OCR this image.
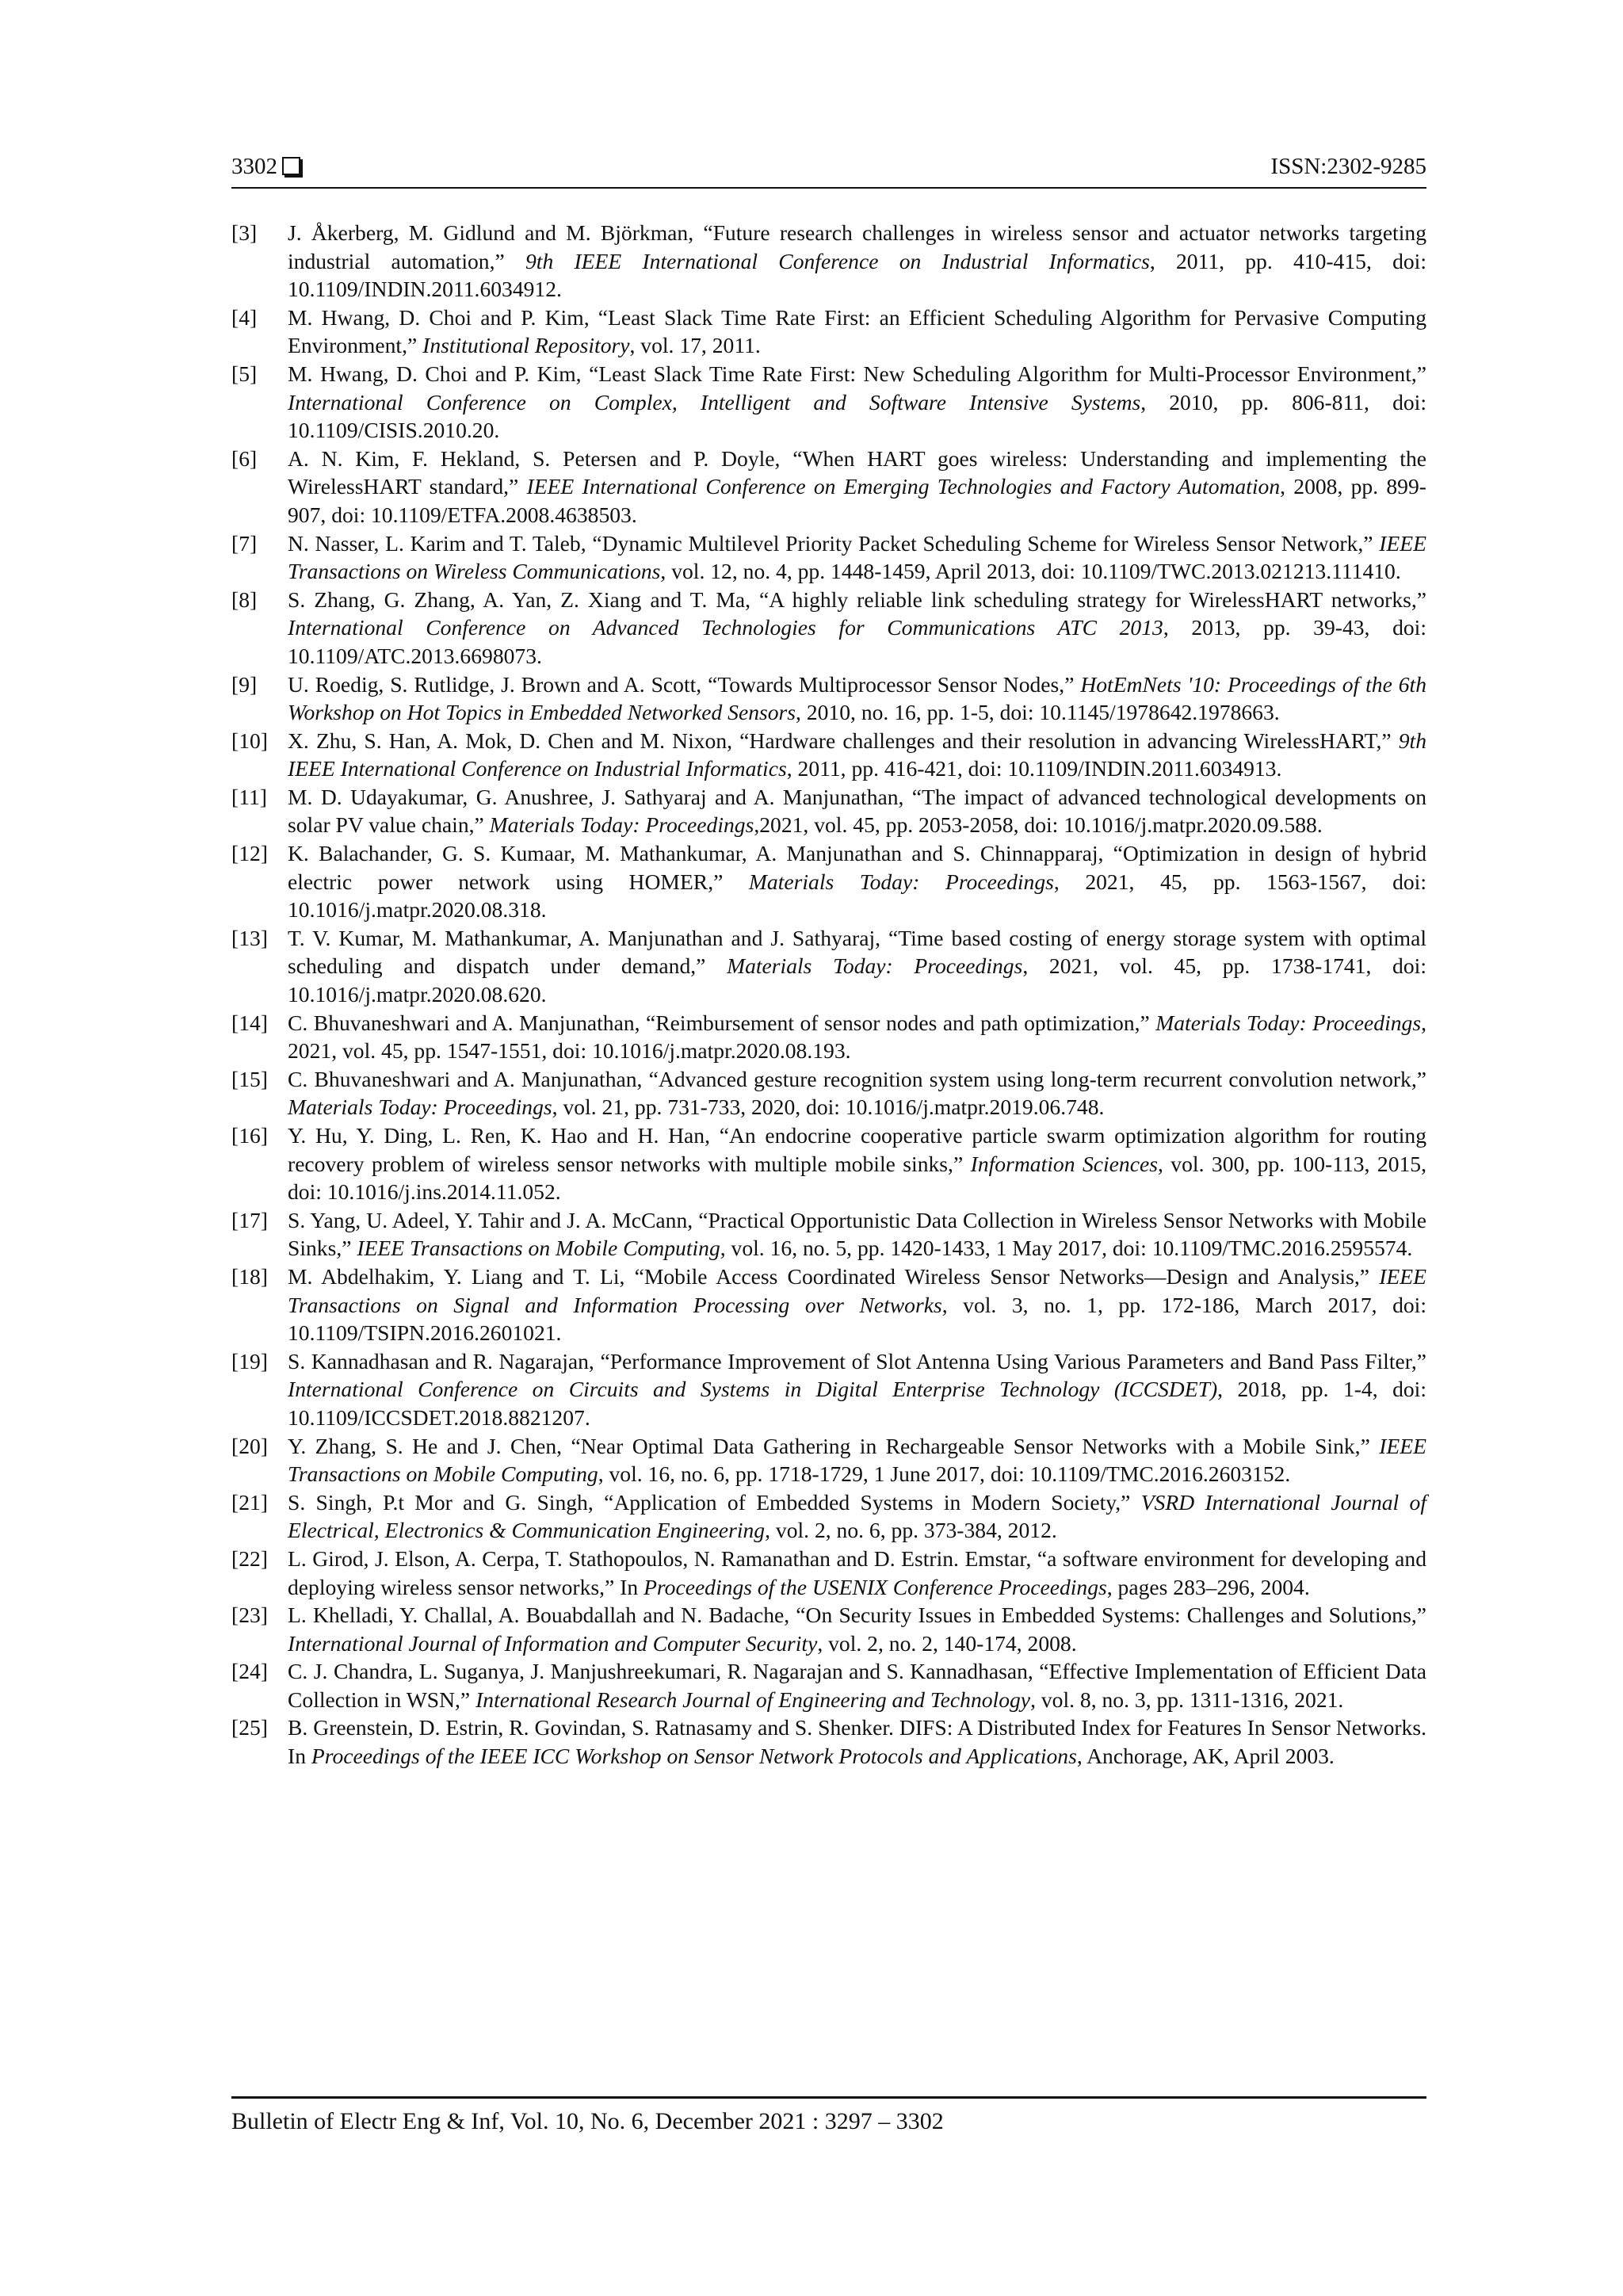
3302	ISSN:2302-9285
[3] J. Åkerberg, M. Gidlund and M. Björkman, “Future research challenges in wireless sensor and actuator networks targeting industrial automation,” 9th IEEE International Conference on Industrial Informatics, 2011, pp. 410-415, doi: 10.1109/INDIN.2011.6034912.
[4] M. Hwang, D. Choi and P. Kim, “Least Slack Time Rate First: an Efficient Scheduling Algorithm for Pervasive Computing Environment,” Institutional Repository, vol. 17, 2011.
[5] M. Hwang, D. Choi and P. Kim, “Least Slack Time Rate First: New Scheduling Algorithm for Multi-Processor Environment,” International Conference on Complex, Intelligent and Software Intensive Systems, 2010, pp. 806-811, doi: 10.1109/CISIS.2010.20.
[6] A. N. Kim, F. Hekland, S. Petersen and P. Doyle, “When HART goes wireless: Understanding and implementing the WirelessHART standard,” IEEE International Conference on Emerging Technologies and Factory Automation, 2008, pp. 899-907, doi: 10.1109/ETFA.2008.4638503.
[7] N. Nasser, L. Karim and T. Taleb, “Dynamic Multilevel Priority Packet Scheduling Scheme for Wireless Sensor Network,” IEEE Transactions on Wireless Communications, vol. 12, no. 4, pp. 1448-1459, April 2013, doi: 10.1109/TWC.2013.021213.111410.
[8] S. Zhang, G. Zhang, A. Yan, Z. Xiang and T. Ma, “A highly reliable link scheduling strategy for WirelessHART networks,” International Conference on Advanced Technologies for Communications ATC 2013, 2013, pp. 39-43, doi: 10.1109/ATC.2013.6698073.
[9] U. Roedig, S. Rutlidge, J. Brown and A. Scott, “Towards Multiprocessor Sensor Nodes,” HotEmNets '10: Proceedings of the 6th Workshop on Hot Topics in Embedded Networked Sensors, 2010, no. 16, pp. 1-5, doi: 10.1145/1978642.1978663.
[10] X. Zhu, S. Han, A. Mok, D. Chen and M. Nixon, “Hardware challenges and their resolution in advancing WirelessHART,” 9th IEEE International Conference on Industrial Informatics, 2011, pp. 416-421, doi: 10.1109/INDIN.2011.6034913.
[11] M. D. Udayakumar, G. Anushree, J. Sathyaraj and A. Manjunathan, “The impact of advanced technological developments on solar PV value chain,” Materials Today: Proceedings,2021, vol. 45, pp. 2053-2058, doi: 10.1016/j.matpr.2020.09.588.
[12] K. Balachander, G. S. Kumaar, M. Mathankumar, A. Manjunathan and S. Chinnapparaj, “Optimization in design of hybrid electric power network using HOMER,” Materials Today: Proceedings, 2021, 45, pp. 1563-1567, doi: 10.1016/j.matpr.2020.08.318.
[13] T. V. Kumar, M. Mathankumar, A. Manjunathan and J. Sathyaraj, “Time based costing of energy storage system with optimal scheduling and dispatch under demand,” Materials Today: Proceedings, 2021, vol. 45, pp. 1738-1741, doi: 10.1016/j.matpr.2020.08.620.
[14] C. Bhuvaneshwari and A. Manjunathan, “Reimbursement of sensor nodes and path optimization,” Materials Today: Proceedings, 2021, vol. 45, pp. 1547-1551, doi: 10.1016/j.matpr.2020.08.193.
[15] C. Bhuvaneshwari and A. Manjunathan, “Advanced gesture recognition system using long-term recurrent convolution network,” Materials Today: Proceedings, vol. 21, pp. 731-733, 2020, doi: 10.1016/j.matpr.2019.06.748.
[16] Y. Hu, Y. Ding, L. Ren, K. Hao and H. Han, “An endocrine cooperative particle swarm optimization algorithm for routing recovery problem of wireless sensor networks with multiple mobile sinks,” Information Sciences, vol. 300, pp. 100-113, 2015, doi: 10.1016/j.ins.2014.11.052.
[17] S. Yang, U. Adeel, Y. Tahir and J. A. McCann, “Practical Opportunistic Data Collection in Wireless Sensor Networks with Mobile Sinks,” IEEE Transactions on Mobile Computing, vol. 16, no. 5, pp. 1420-1433, 1 May 2017, doi: 10.1109/TMC.2016.2595574.
[18] M. Abdelhakim, Y. Liang and T. Li, “Mobile Access Coordinated Wireless Sensor Networks—Design and Analysis,” IEEE Transactions on Signal and Information Processing over Networks, vol. 3, no. 1, pp. 172-186, March 2017, doi: 10.1109/TSIPN.2016.2601021.
[19] S. Kannadhasan and R. Nagarajan, “Performance Improvement of Slot Antenna Using Various Parameters and Band Pass Filter,” International Conference on Circuits and Systems in Digital Enterprise Technology (ICCSDET), 2018, pp. 1-4, doi: 10.1109/ICCSDET.2018.8821207.
[20] Y. Zhang, S. He and J. Chen, “Near Optimal Data Gathering in Rechargeable Sensor Networks with a Mobile Sink,” IEEE Transactions on Mobile Computing, vol. 16, no. 6, pp. 1718-1729, 1 June 2017, doi: 10.1109/TMC.2016.2603152.
[21] S. Singh, P.t Mor and G. Singh, “Application of Embedded Systems in Modern Society,” VSRD International Journal of Electrical, Electronics & Communication Engineering, vol. 2, no. 6, pp. 373-384, 2012.
[22] L. Girod, J. Elson, A. Cerpa, T. Stathopoulos, N. Ramanathan and D. Estrin. Emstar, “a software environment for developing and deploying wireless sensor networks,” In Proceedings of the USENIX Conference Proceedings, pages 283–296, 2004.
[23] L. Khelladi, Y. Challal, A. Bouabdallah and N. Badache, “On Security Issues in Embedded Systems: Challenges and Solutions,” International Journal of Information and Computer Security, vol. 2, no. 2, 140-174, 2008.
[24] C. J. Chandra, L. Suganya, J. Manjushreekumari, R. Nagarajan and S. Kannadhasan, “Effective Implementation of Efficient Data Collection in WSN,” International Research Journal of Engineering and Technology, vol. 8, no. 3, pp. 1311-1316, 2021.
[25] B. Greenstein, D. Estrin, R. Govindan, S. Ratnasamy and S. Shenker. DIFS: A Distributed Index for Features In Sensor Networks. In Proceedings of the IEEE ICC Workshop on Sensor Network Protocols and Applications, Anchorage, AK, April 2003.
Bulletin of Electr Eng & Inf, Vol. 10, No. 6, December 2021 : 3297 – 3302
